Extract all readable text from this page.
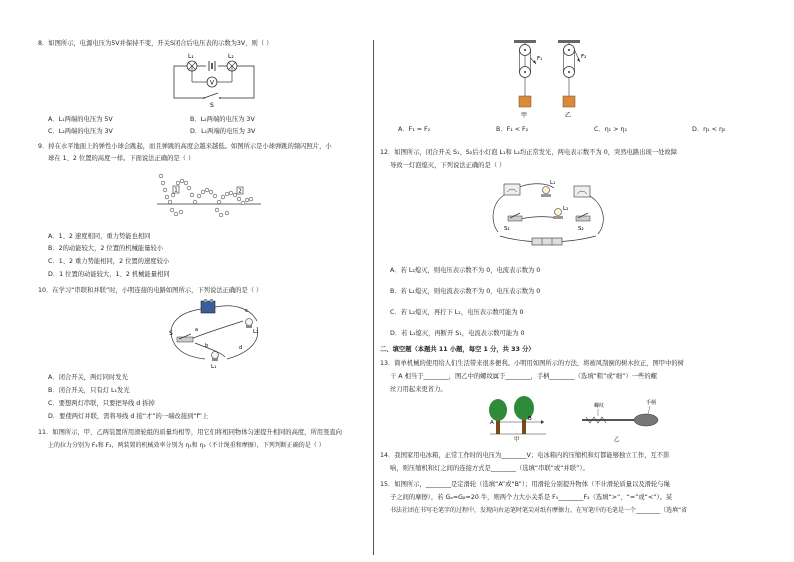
8．如图所示，电源电压为5V并保持不变，开关S闭合后电压表的示数为3V，则（ ）
V
L₁	L₂
S
A．L₁两端的电压为 5V	B．L₂两端的电压为 3V
C．L₂两端的电压为 3V	D．L₁两端的电压为 3V
9．掉在水平地面上的弹性小球会跳起，而且弹跳的高度会越来越低。如图所示是小球弹跳的频闪照片，小
球在 1、2 位置的高度一样。下面说法正确的是（ ）
1	2
A．1、2 速度相同，重力势能也相同
B．2的动能较大，2 位置的机械能量较小
C．1、2 重力势能相同，2 位置的速度较小
D．1 位置的动能较大，1、2 机械能量相同
10．在学习“串联和并联”时，小明连接的电路如图所示，下列说法正确的是（ ）
S	L₂
L₁
a
b
c
d
A．闭合开关，两灯同时发光
B．闭合开关，只有灯 L₁发光
C．要想两灯串联，只要把导线 d 拆掉
D．要使两灯并联，需将导线 d 接“才”的一端改接到“f”上
11．如图所示，甲、乙两装置所用滑轮组的质量均相等，用它们将相同物体匀速提升相同的高度，所用竖直向
上的拉力分别为 F₁和 F₂，两装置的机械效率分别为 η₁和 η₂（不计绳重和摩擦），下列判断正确的是（ ）
F₁	F₂
甲	乙
A．F₁ = F₂	B．F₁ < F₂	C．η₁ > η₂	D．η₁ < η₂
12．如图所示，闭合开关 S₁、S₂后小灯泡 L₁和 L₂均正常发光，两电表示数不为 0，突然电路出现一处故障
导致一灯泡熄灭，下列说法正确的是（ ）
L₁
L₂
S₁	S₂
A．若 L₂熄灭，则电压表示数不为 0，电流表示数为 0
B．若 L₁熄灭，则电流表示数不为 0，电压表示数为 0
C．若 L₂熄灭，再拧下 L₁，电压表示数可能为 0
D．若 L₁熄灭，再断开 S₁，电流表示数可能为 0
二、填空题（本题共 11 小题，每空 1 分，共 33 分）
13．简单机械的使用给人们生活带来很多便利。小明用如图所示的方法，将被风刮倒的树木拉正，图甲中的树
干 A 相当于________，图乙中的螺纹属于________，手柄________（选填“粗”或“细”）一些的螺
丝刀用起来更省力。
A
B
甲
螺纹	手柄
乙
14．我国家用电冰箱，正常工作时的电压为________V；电冰箱内的压缩机和灯都能够独立工作，互不影
响，则压缩机和灯之间的连接方式是________（选填“串联”或“并联”）。
15．如图所示，________是定滑轮（选填“A”或“B”）；用滑轮分别提升物体（不计滑轮质量以及滑轮与绳
子之间的摩擦），若 Gₐ=Gᵦ=20 牛，则两个力大小关系是 F₁________F₂（选填“>”、“=”或“<”）。某
书法社团在书写毛笔字的过程中，发现向右运笔时笔尖对纸有摩擦力，在写笔中的毛笔是一个________（选填“省
